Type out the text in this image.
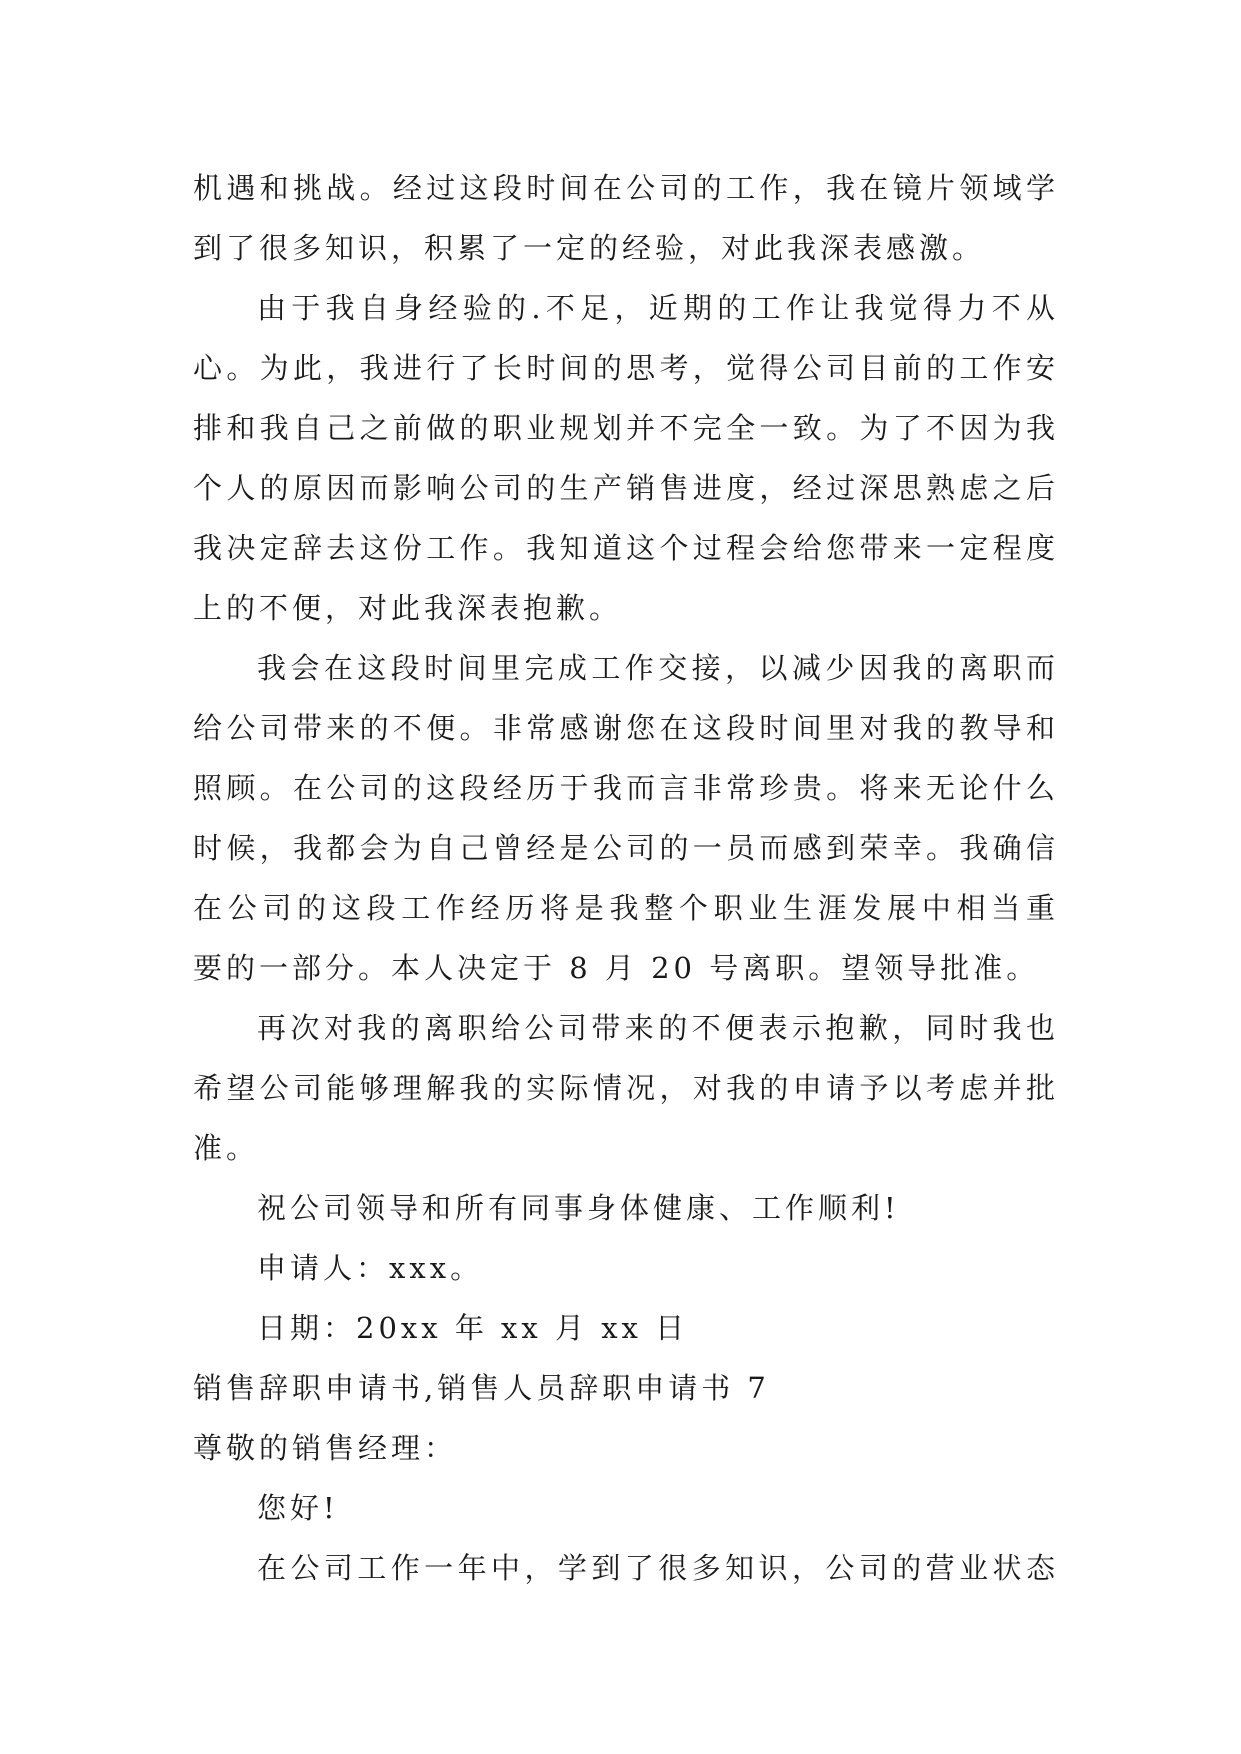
机遇和挑战。经过这段时间在公司的工作，我在镜片领域学
到了很多知识，积累了一定的经验，对此我深表感激。
由于我自身经验的.不足，近期的工作让我觉得力不从
心。为此，我进行了长时间的思考，觉得公司目前的工作安
排和我自己之前做的职业规划并不完全一致。为了不因为我
个人的原因而影响公司的生产销售进度，经过深思熟虑之后
我决定辞去这份工作。我知道这个过程会给您带来一定程度
上的不便，对此我深表抱歉。
我会在这段时间里完成工作交接，以减少因我的离职而
给公司带来的不便。非常感谢您在这段时间里对我的教导和
照顾。在公司的这段经历于我而言非常珍贵。将来无论什么
时候，我都会为自己曾经是公司的一员而感到荣幸。我确信
在公司的这段工作经历将是我整个职业生涯发展中相当重
要的一部分。本人决定于 8 月 20 号离职。望领导批准。
再次对我的离职给公司带来的不便表示抱歉，同时我也
希望公司能够理解我的实际情况，对我的申请予以考虑并批
准。
祝公司领导和所有同事身体健康、工作顺利!
申请人：xxx。
日期：20xx 年 xx 月 xx 日
销售辞职申请书,销售人员辞职申请书 7
尊敬的销售经理：
您好!
在公司工作一年中，学到了很多知识，公司的营业状态
